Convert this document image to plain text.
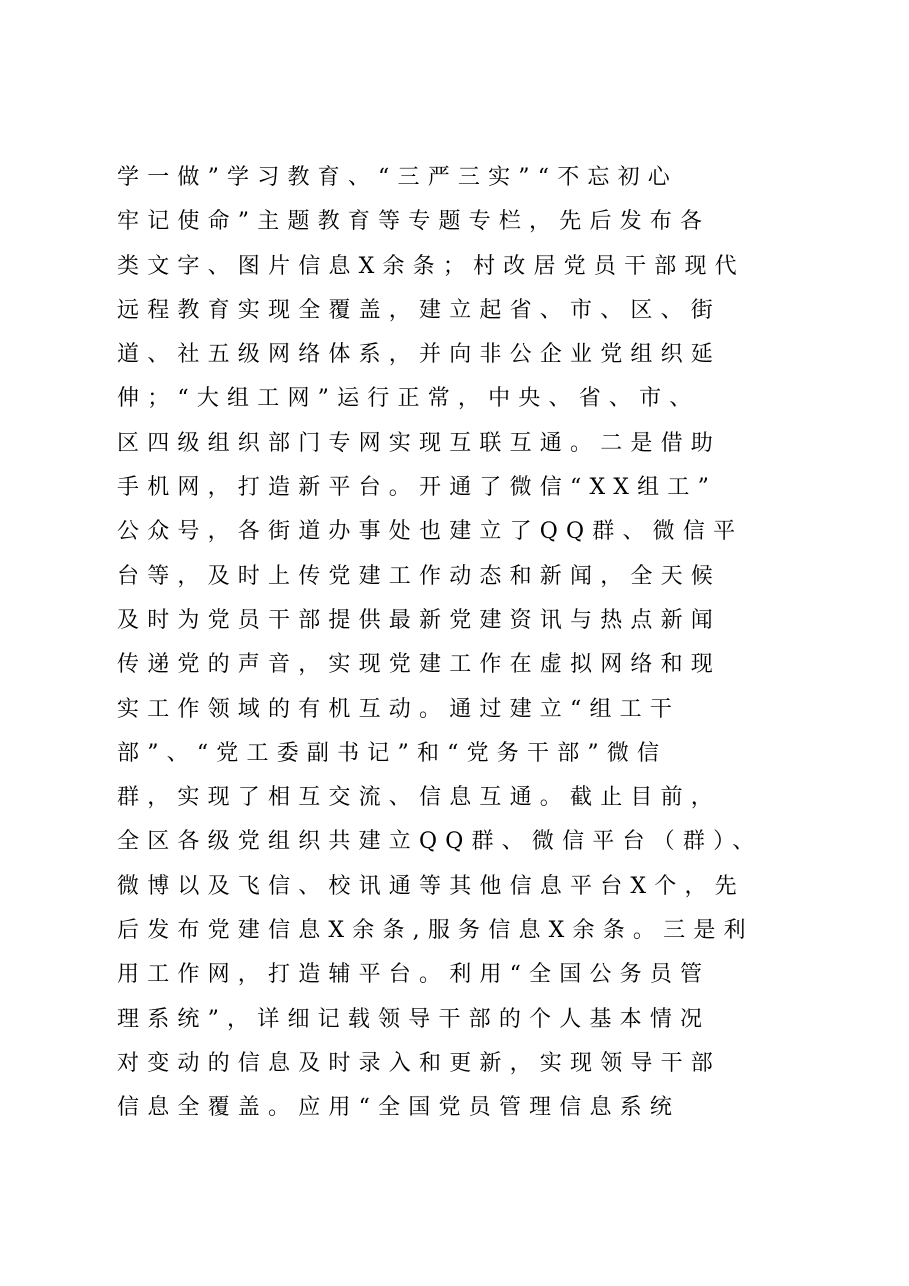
学一做”学习教育、“三严三实”“不忘初心
牢记使命”主题教育等专题专栏，先后发布各
类文字、图片信息X余条；村改居党员干部现代
远程教育实现全覆盖，建立起省、市、区、街
道、社五级网络体系，并向非公企业党组织延
伸；“大组工网”运行正常，中央、省、市、
区四级组织部门专网实现互联互通。二是借助
手机网，打造新平台。开通了微信“XX组工”
公众号，各街道办事处也建立了QQ群、微信平
台等，及时上传党建工作动态和新闻，全天候
及时为党员干部提供最新党建资讯与热点新闻
传递党的声音，实现党建工作在虚拟网络和现
实工作领域的有机互动。通过建立“组工干
部”、“党工委副书记”和“党务干部”微信
群，实现了相互交流、信息互通。截止目前，
全区各级党组织共建立QQ群、微信平台（群）、
微博以及飞信、校讯通等其他信息平台X个，先
后发布党建信息X余条,服务信息X余条。三是利
用工作网，打造辅平台。利用“全国公务员管
理系统”，详细记载领导干部的个人基本情况
对变动的信息及时录入和更新，实现领导干部
信息全覆盖。应用“全国党员管理信息系统
